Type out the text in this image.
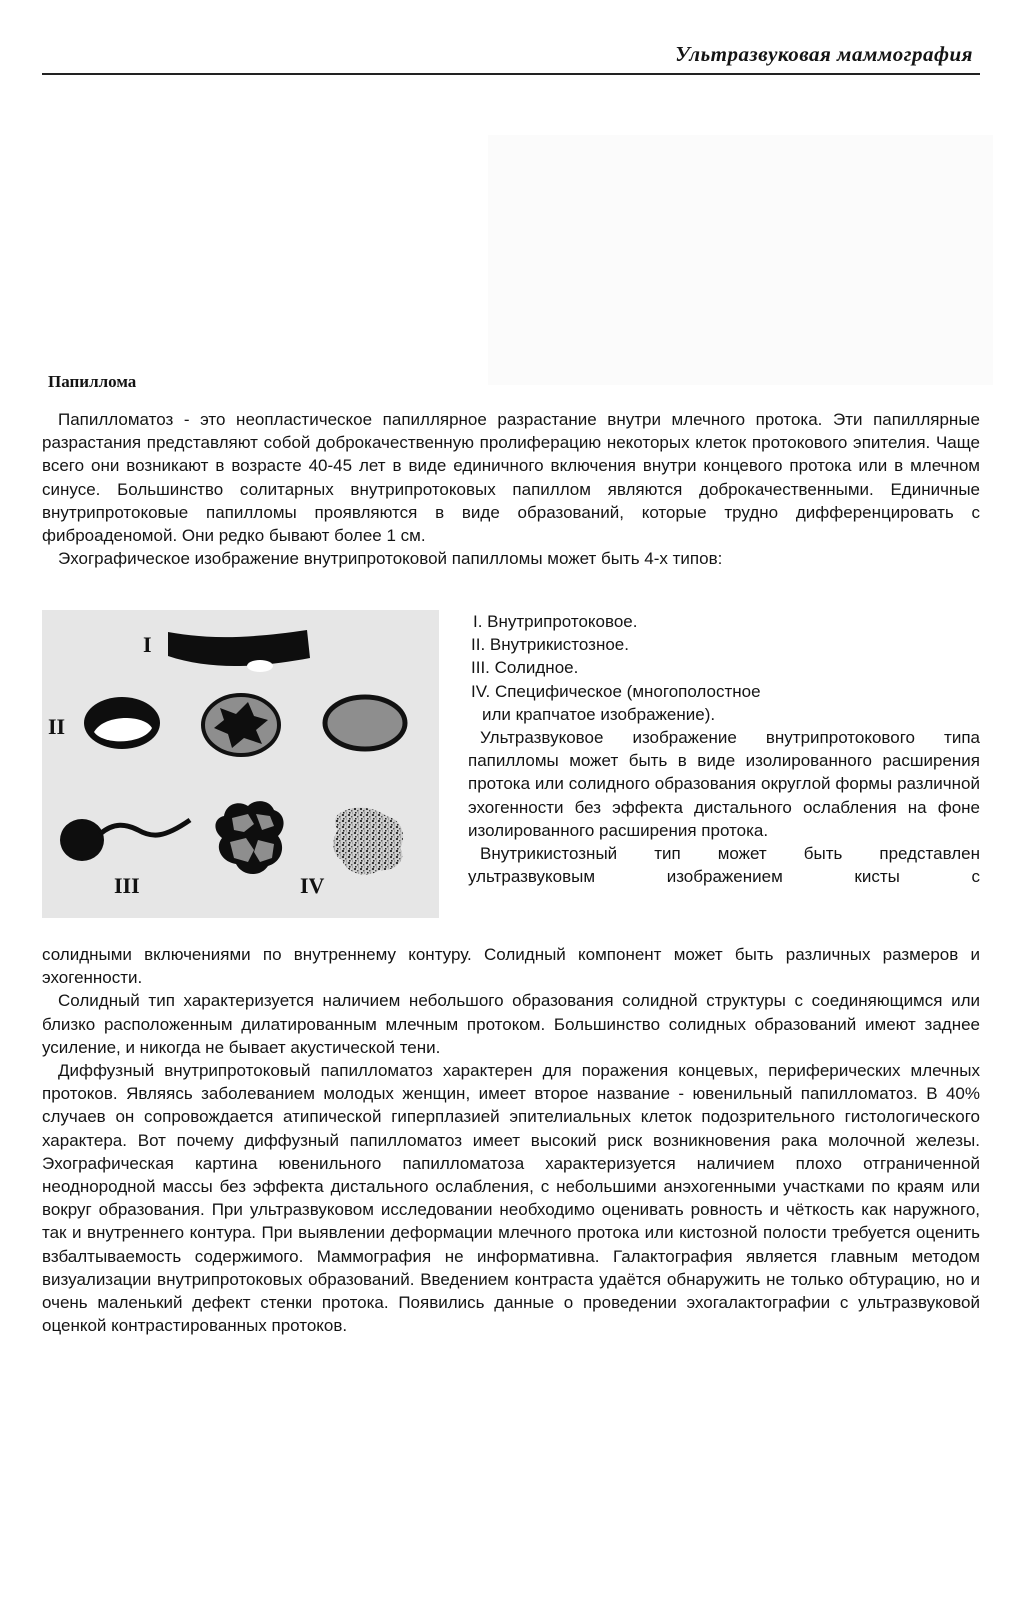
Ультразвуковая маммография
Папиллома

Папилломатоз - это неопластическое папиллярное разрастание внутри млечного протока. Эти папиллярные разрастания представляют собой доброкачественную пролиферацию некоторых клеток протокового эпителия. Чаще всего они возникают в возрасте 40-45 лет в виде единичного включения внутри концевого протока или в млечном синусе. Большинство солитарных внутрипротоковых папиллом являются доброкачественными. Единичные внутрипротоковые папилломы проявляются в виде образований, которые трудно дифференцировать с фиброаденомой. Они редко бывают более 1 см.

Эхографическое изображение внутрипротоковой папилломы может быть 4-х типов:

I
II
III	IV
I. Внутрипротоковое.
II. Внутрикистозное.
III. Солидное.
IV. Специфическое (многополостное
или крапчатое изображение).

Ультразвуковое изображение внутрипротокового типа папилломы может быть в виде изолированного расширения протока или солидного образования округлой формы различной эхогенности без эффекта дистального ослабления на фоне изолированного расширения протока.

Внутрикистозный тип может быть представлен ультразвуковым изображением кисты с

солидными включениями по внутреннему контуру. Солидный компонент может быть различных размеров и эхогенности.

Солидный тип характеризуется наличием небольшого образования солидной структуры с соединяющимся или близко расположенным дилатированным млечным протоком. Большинство солидных образований имеют заднее усиление, и никогда не бывает акустической тени.

Диффузный внутрипротоковый папилломатоз характерен для поражения концевых, периферических млечных протоков. Являясь заболеванием молодых женщин, имеет второе название - ювенильный папилломатоз. В 40% случаев он сопровождается атипической гиперплазией эпителиальных клеток подозрительного гистологического характера. Вот почему диффузный папилломатоз имеет высокий риск возникновения рака молочной железы. Эхографическая картина ювенильного папилломатоза характеризуется наличием плохо отграниченной неоднородной массы без эффекта дистального ослабления, с небольшими анэхогенными участками по краям или вокруг образования. При ультразвуковом исследовании необходимо оценивать ровность и чёткость как наружного, так и внутреннего контура. При выявлении деформации млечного протока или кистозной полости требуется оценить взбалтываемость содержимого. Маммография не информативна. Галактография является главным методом визуализации внутрипротоковых образований. Введением контраста удаётся обнаружить не только обтурацию, но и очень маленький дефект стенки протока. Появились данные о проведении эхогалактографии с ультразвуковой оценкой контрастированных протоков.
